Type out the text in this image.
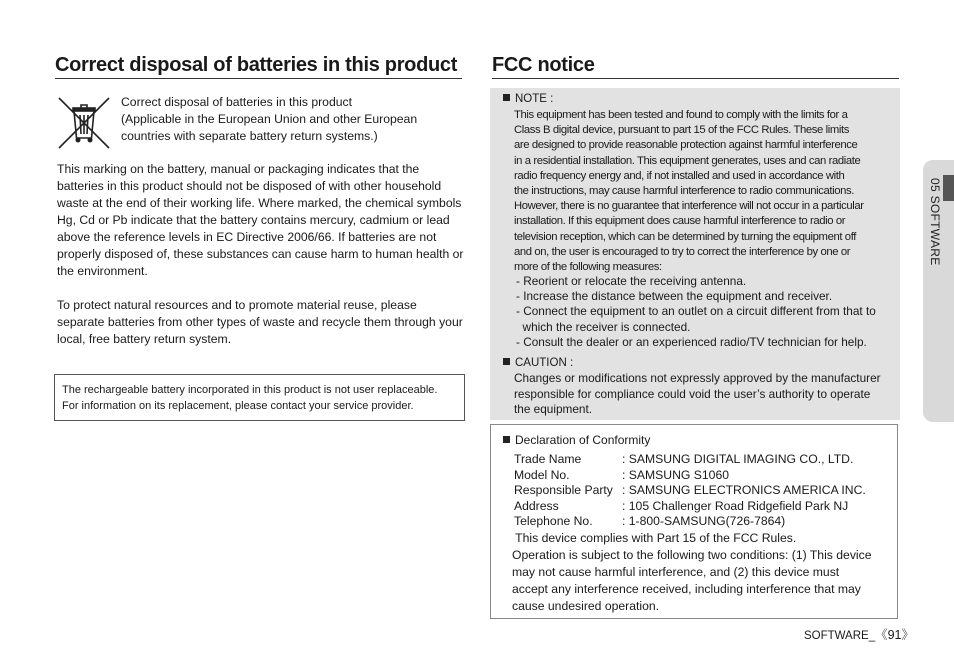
Correct disposal of batteries in this product
Correct disposal of batteries in this product
(Applicable in the European Union and other European
countries with separate battery return systems.)

This marking on the battery, manual or packaging indicates that the batteries in this product should not be disposed of with other household waste at the end of their working life. Where marked, the chemical symbols Hg, Cd or Pb indicate that the battery contains mercury, cadmium or lead above the reference levels in EC Directive 2006/66. If batteries are not properly disposed of, these substances can cause harm to human health or the environment.

To protect natural resources and to promote material reuse, please separate batteries from other types of waste and recycle them through your local, free battery return system.

The rechargeable battery incorporated in this product is not user replaceable. For information on its replacement, please contact your service provider.
FCC notice
NOTE :
This equipment has been tested and found to comply with the limits for a
Class B digital device, pursuant to part 15 of the FCC Rules. These limits
are designed to provide reasonable protection against harmful interference
in a residential installation. This equipment generates, uses and can radiate
radio frequency energy and, if not installed and used in accordance with
the instructions, may cause harmful interference to radio communications.
However, there is no guarantee that interference will not occur in a particular
installation. If this equipment does cause harmful interference to radio or
television reception, which can be determined by turning the equipment off
and on, the user is encouraged to try to correct the interference by one or
more of the following measures:
- Reorient or relocate the receiving antenna.
- Increase the distance between the equipment and receiver.
- Connect the equipment to an outlet on a circuit different from that to
which the receiver is connected.
- Consult the dealer or an experienced radio/TV technician for help.
CAUTION :
Changes or modifications not expressly approved by the manufacturer
responsible for compliance could void the user’s authority to operate
the equipment.
Declaration of Conformity
Trade Name	: SAMSUNG DIGITAL IMAGING CO., LTD.
Model No.	: SAMSUNG S1060
Responsible Party	: SAMSUNG ELECTRONICS AMERICA INC.
Address	: 105 Challenger Road Ridgefield Park NJ
Telephone No.	: 1-800-SAMSUNG(726-7864)
This device complies with Part 15 of the FCC Rules.
Operation is subject to the following two conditions: (1) This device
may not cause harmful interference, and (2) this device must
accept any interference received, including interference that may
cause undesired operation.
05 SOFTWARE
SOFTWARE_《91》
